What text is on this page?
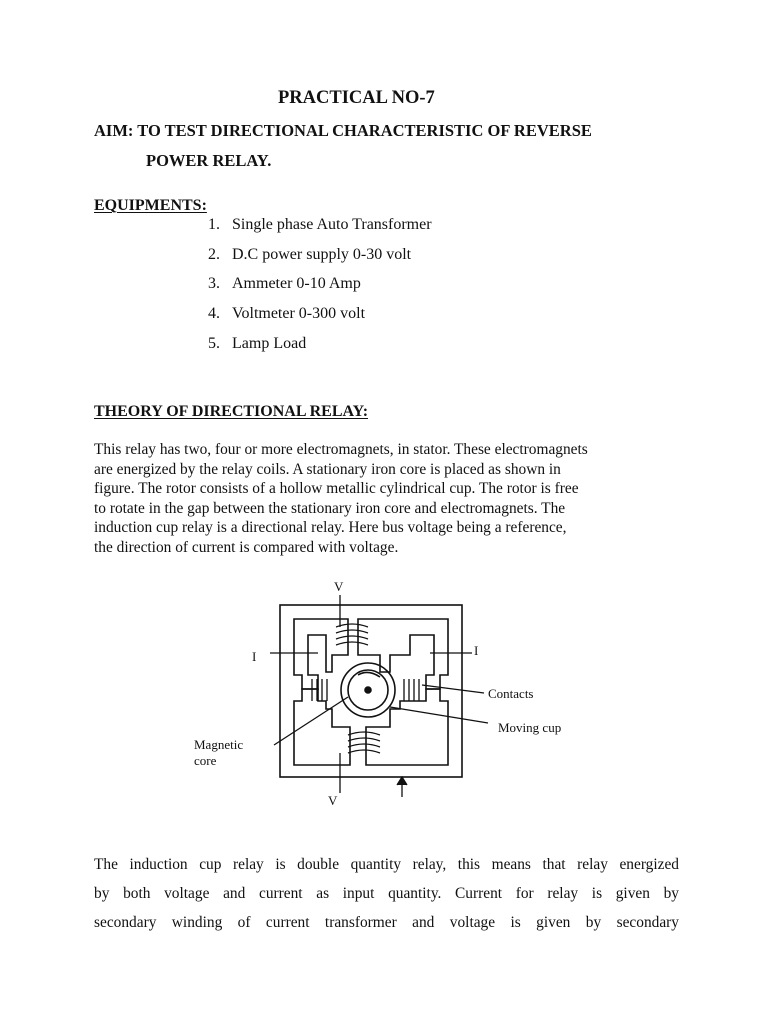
PRACTICAL NO-7
AIM: TO TEST DIRECTIONAL CHARACTERISTIC OF REVERSE
POWER RELAY.
EQUIPMENTS:
1. Single phase Auto Transformer
2. D.C power supply 0-30 volt
3. Ammeter 0-10 Amp
4. Voltmeter 0-300 volt
5. Lamp Load
THEORY OF DIRECTIONAL RELAY:
This relay has two, four or more electromagnets, in stator. These electromagnets
are energized by the relay coils. A stationary iron core is placed as shown in
figure. The rotor consists of a hollow metallic cylindrical cup. The rotor is free
to rotate in the gap between the stationary iron core and electromagnets. The
induction cup relay is a directional relay. Here bus voltage being a reference,
the direction of current is compared with voltage.
V
V
I	I
Contacts
Moving cup
Magnetic
core
The induction cup relay is double quantity relay, this means that relay energized
by both voltage and current as input quantity. Current for relay is given by
secondary winding of current transformer and voltage is given by secondary
